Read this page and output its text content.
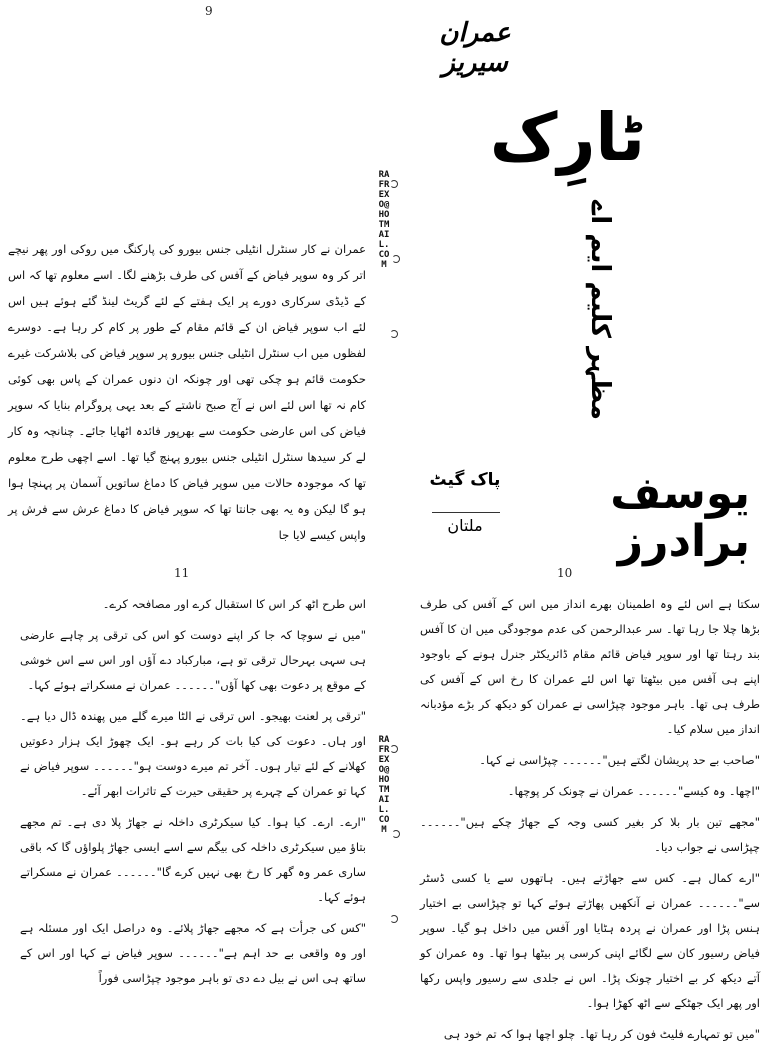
9
11	10
RAFREXO@HOTMAIL.COM
RAFREXO@HOTMAIL.COM
عمران سیریز
ٹارِک
مظہر کلیم ایم اے
یوسف برادرز
پاک گیٹ
ملتان

عمران نے کار سنٹرل انٹیلی جنس بیورو کی پارکنگ میں روکی اور پھر نیچے اتر کر وہ سوپر فیاض کے آفس کی طرف بڑھنے لگا۔ اسے معلوم تھا کہ اس کے ڈیڈی سرکاری دورے پر ایک ہفتے کے لئے گریٹ لینڈ گئے ہوئے ہیں اس لئے اب سوپر فیاض ان کے قائم مقام کے طور پر کام کر رہا ہے۔ دوسرے لفظوں میں اب سنٹرل انٹیلی جنس بیورو پر سوپر فیاض کی بلاشرکت غیرے حکومت قائم ہو چکی تھی اور چونکہ ان دنوں عمران کے پاس بھی کوئی کام نہ تھا اس لئے اس نے آج صبح ناشتے کے بعد یہی پروگرام بنایا کہ سوپر فیاض کی اس عارضی حکومت سے بھرپور فائدہ اٹھایا جائے۔ چنانچہ وہ کار لے کر سیدھا سنٹرل انٹیلی جنس بیورو پہنچ گیا تھا۔ اسے اچھی طرح معلوم تھا کہ موجودہ حالات میں سوپر فیاض کا دماغ ساتویں آسمان پر پہنچا ہوا ہو گا لیکن وہ یہ بھی جانتا تھا کہ سوپر فیاض کا دماغ عرش سے فرش پر واپس کیسے لایا جا

اس طرح اٹھ کر اس کا استقبال کرے اور مصافحہ کرے۔

"میں نے سوچا کہ جا کر اپنے دوست کو اس کی ترقی پر چاہے عارضی ہی سہی بہرحال ترقی تو ہے، مبارکباد دے آؤں اور اس سے اس خوشی کے موقع پر دعوت بھی کھا آؤں"۔۔۔۔۔۔ عمران نے مسکراتے ہوئے کہا۔

"ترقی پر لعنت بھیجو۔ اس ترقی نے الٹا میرے گلے میں پھندہ ڈال دیا ہے۔ اور ہاں۔ دعوت کی کیا بات کر رہے ہو۔ ایک چھوڑ ایک ہزار دعوتیں کھلانے کے لئے تیار ہوں۔ آخر تم میرے دوست ہو"۔۔۔۔۔۔ سوپر فیاض نے کہا تو عمران کے چہرے پر حقیقی حیرت کے تاثرات ابھر آئے۔

"ارے۔ ارے۔ کیا ہوا۔ کیا سیکرٹری داخلہ نے جھاڑ پلا دی ہے۔ تم مجھے بتاؤ میں سیکرٹری داخلہ کی بیگم سے اسے ایسی جھاڑ پلواؤں گا کہ باقی ساری عمر وہ گھر کا رخ بھی نہیں کرے گا"۔۔۔۔۔۔ عمران نے مسکراتے ہوئے کہا۔

"کس کی جرأت ہے کہ مجھے جھاڑ پلائے۔ وہ دراصل ایک اور مسئلہ ہے اور وہ واقعی بے حد اہم ہے"۔۔۔۔۔۔ سوپر فیاض نے کہا اور اس کے ساتھ ہی اس نے بیل دے دی تو باہر موجود چپڑاسی فوراً

سکتا ہے اس لئے وہ اطمینان بھرے انداز میں اس کے آفس کی طرف بڑھا چلا جا رہا تھا۔ سر عبدالرحمن کی عدم موجودگی میں ان کا آفس بند رہتا تھا اور سوپر فیاض قائم مقام ڈائریکٹر جنرل ہونے کے باوجود اپنے ہی آفس میں بیٹھتا تھا اس لئے عمران کا رخ اس کے آفس کی طرف ہی تھا۔ باہر موجود چپڑاسی نے عمران کو دیکھ کر بڑے مؤدبانہ انداز میں سلام کیا۔

"صاحب بے حد پریشان لگتے ہیں"۔۔۔۔۔۔ چپڑاسی نے کہا۔

"اچھا۔ وہ کیسے"۔۔۔۔۔۔ عمران نے چونک کر پوچھا۔

"مجھے تین بار بلا کر بغیر کسی وجہ کے جھاڑ چکے ہیں"۔۔۔۔۔۔ چپڑاسی نے جواب دیا۔

"ارے کمال ہے۔ کس سے جھاڑتے ہیں۔ ہاتھوں سے یا کسی ڈسٹر سے"۔۔۔۔۔۔ عمران نے آنکھیں پھاڑتے ہوئے کہا تو چپڑاسی بے اختیار ہنس پڑا اور عمران نے پردہ ہٹایا اور آفس میں داخل ہو گیا۔ سوپر فیاض رسیور کان سے لگائے اپنی کرسی پر بیٹھا ہوا تھا۔ وہ عمران کو آتے دیکھ کر بے اختیار چونک پڑا۔ اس نے جلدی سے رسیور واپس رکھا اور پھر ایک جھٹکے سے اٹھ کھڑا ہوا۔

"میں تو تمہارے فلیٹ فون کر رہا تھا۔ چلو اچھا ہوا کہ تم خود ہی
